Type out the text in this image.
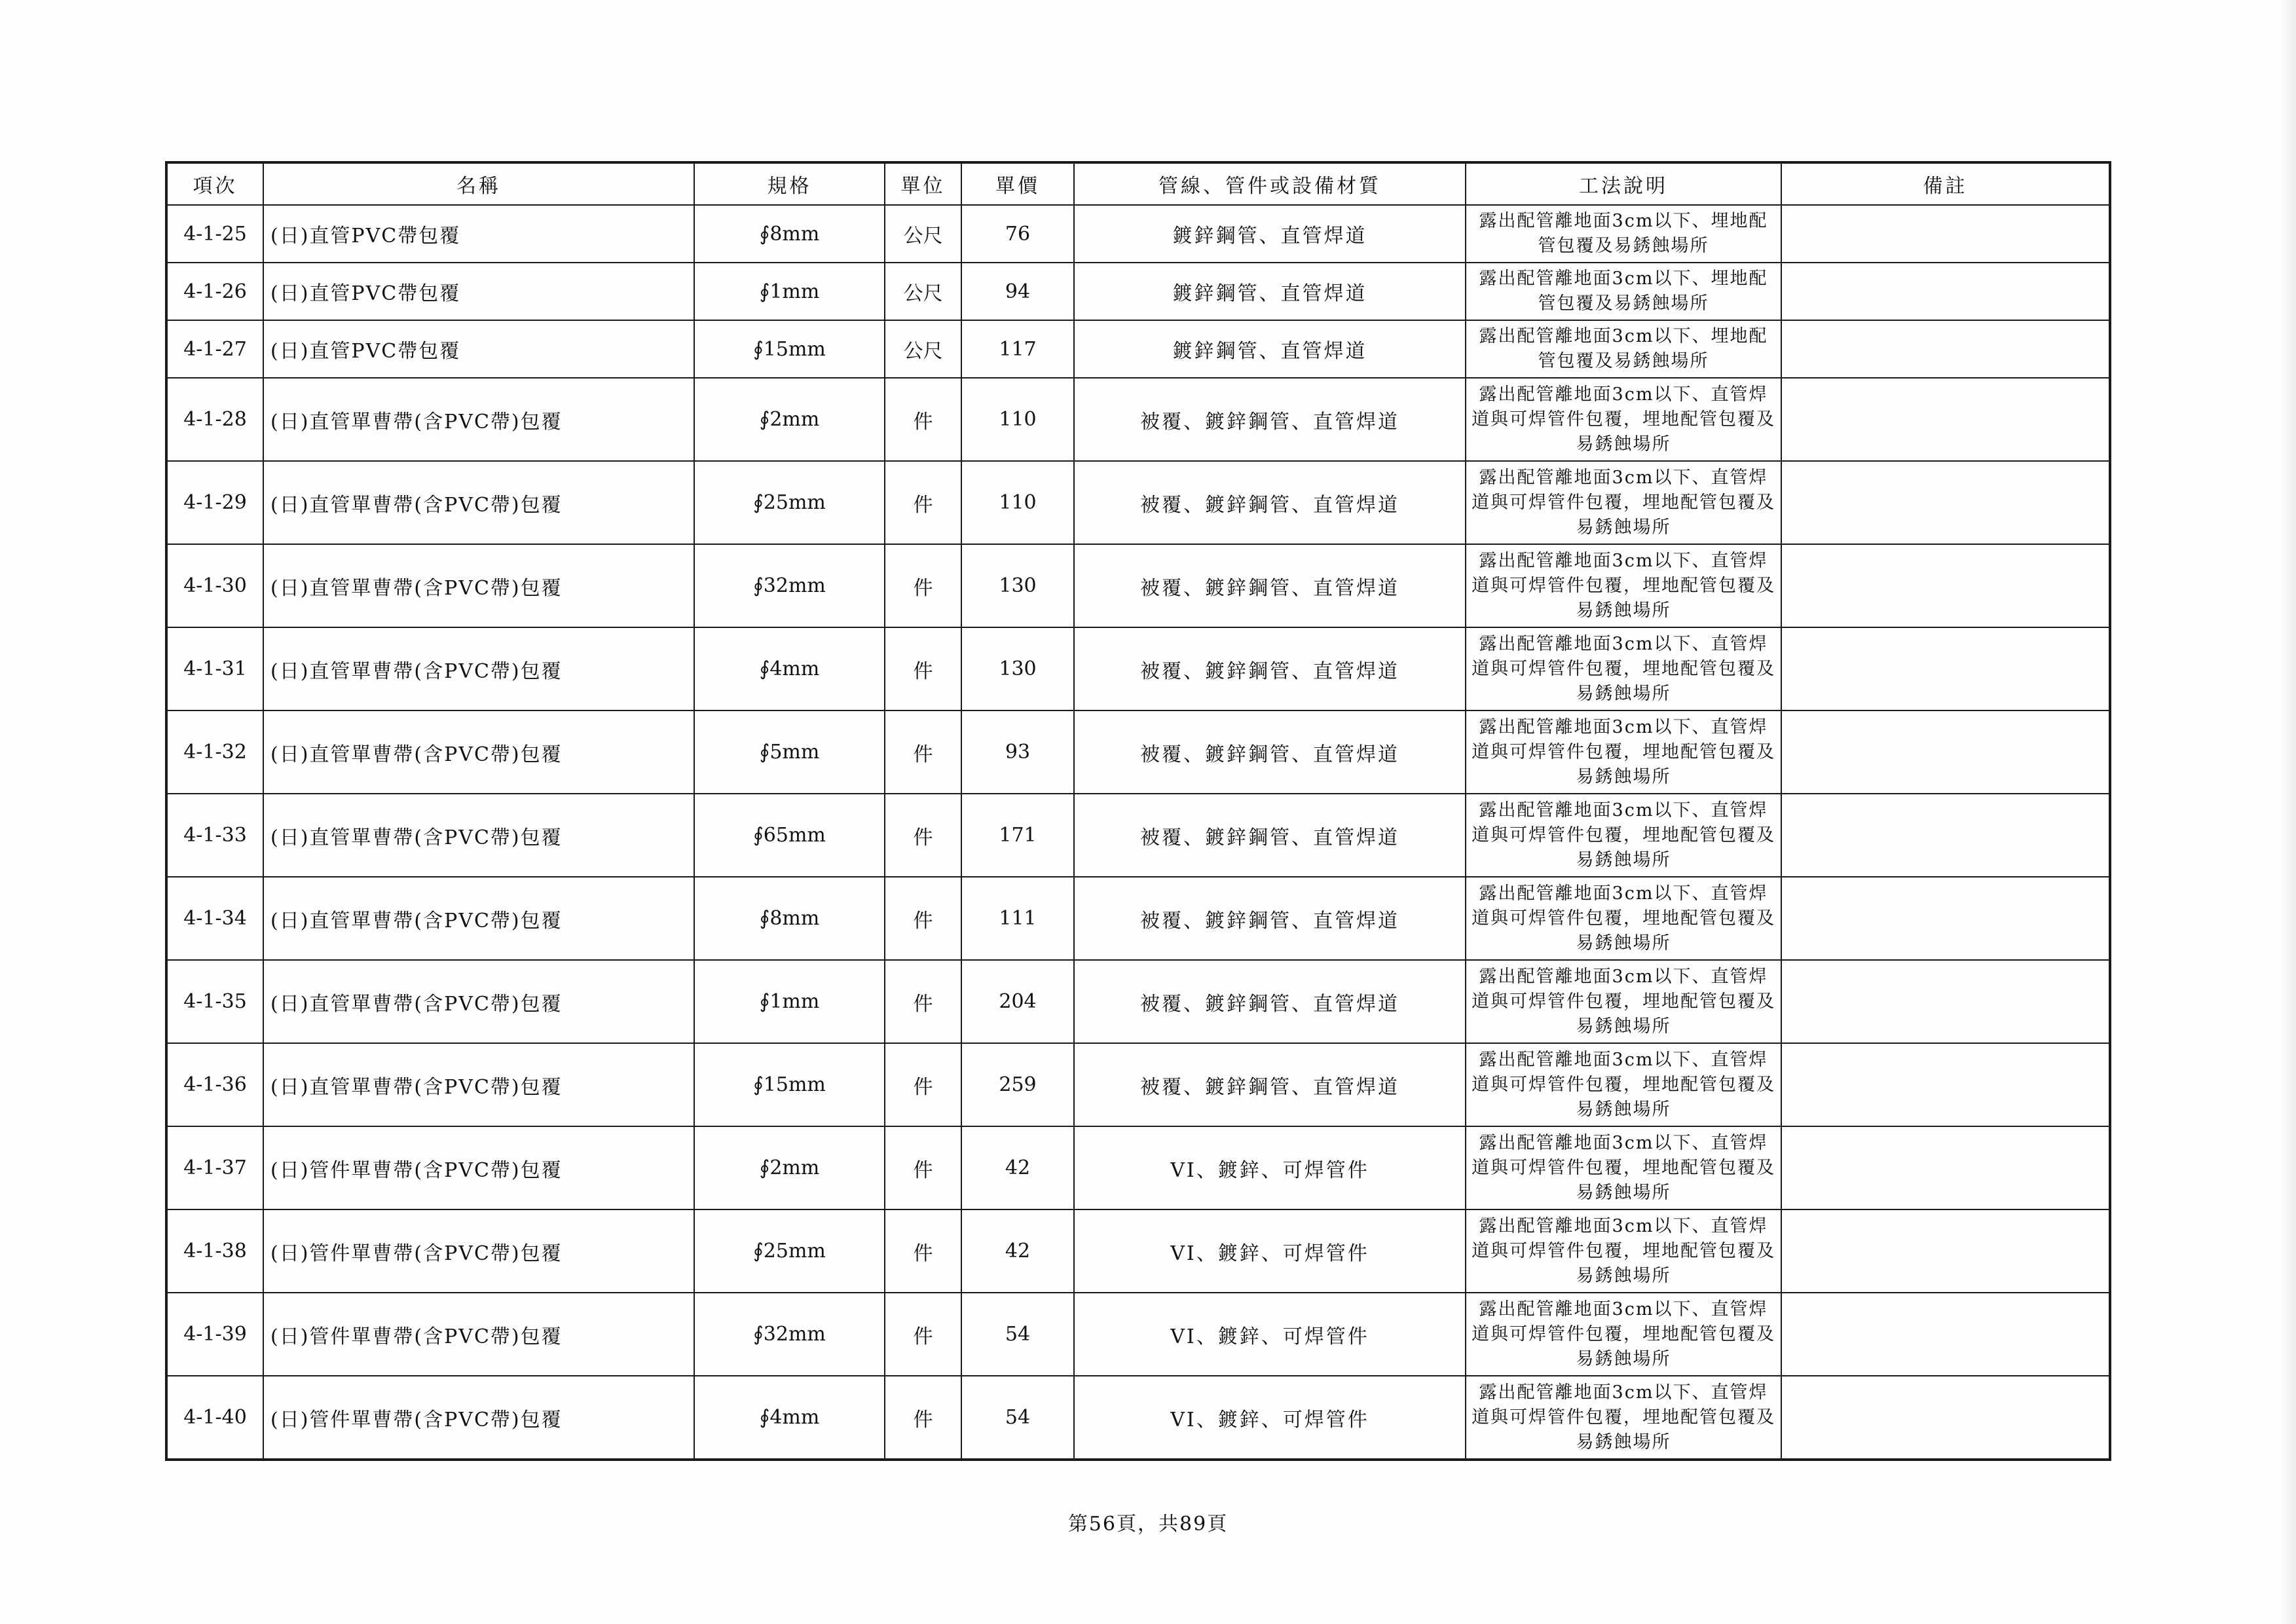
項次	名稱	規格	單位	單價	管線、管件或設備材質	工法說明	備註
4-1-25	(日)直管PVC帶包覆	∮8mm	公尺	76	鍍鋅鋼管、直管焊道	露出配管離地面3cm以下、埋地配管包覆及易銹蝕場所	
4-1-26	(日)直管PVC帶包覆	∮1mm	公尺	94	鍍鋅鋼管、直管焊道	露出配管離地面3cm以下、埋地配管包覆及易銹蝕場所	
4-1-27	(日)直管PVC帶包覆	∮15mm	公尺	117	鍍鋅鋼管、直管焊道	露出配管離地面3cm以下、埋地配管包覆及易銹蝕場所	
4-1-28	(日)直管單曹帶(含PVC帶)包覆	∮2mm	件	110	被覆、鍍鋅鋼管、直管焊道	露出配管離地面3cm以下、直管焊道與可焊管件包覆，埋地配管包覆及易銹蝕場所	
4-1-29	(日)直管單曹帶(含PVC帶)包覆	∮25mm	件	110	被覆、鍍鋅鋼管、直管焊道	露出配管離地面3cm以下、直管焊道與可焊管件包覆，埋地配管包覆及易銹蝕場所	
4-1-30	(日)直管單曹帶(含PVC帶)包覆	∮32mm	件	130	被覆、鍍鋅鋼管、直管焊道	露出配管離地面3cm以下、直管焊道與可焊管件包覆，埋地配管包覆及易銹蝕場所	
4-1-31	(日)直管單曹帶(含PVC帶)包覆	∮4mm	件	130	被覆、鍍鋅鋼管、直管焊道	露出配管離地面3cm以下、直管焊道與可焊管件包覆，埋地配管包覆及易銹蝕場所	
4-1-32	(日)直管單曹帶(含PVC帶)包覆	∮5mm	件	93	被覆、鍍鋅鋼管、直管焊道	露出配管離地面3cm以下、直管焊道與可焊管件包覆，埋地配管包覆及易銹蝕場所	
4-1-33	(日)直管單曹帶(含PVC帶)包覆	∮65mm	件	171	被覆、鍍鋅鋼管、直管焊道	露出配管離地面3cm以下、直管焊道與可焊管件包覆，埋地配管包覆及易銹蝕場所	
4-1-34	(日)直管單曹帶(含PVC帶)包覆	∮8mm	件	111	被覆、鍍鋅鋼管、直管焊道	露出配管離地面3cm以下、直管焊道與可焊管件包覆，埋地配管包覆及易銹蝕場所	
4-1-35	(日)直管單曹帶(含PVC帶)包覆	∮1mm	件	204	被覆、鍍鋅鋼管、直管焊道	露出配管離地面3cm以下、直管焊道與可焊管件包覆，埋地配管包覆及易銹蝕場所	
4-1-36	(日)直管單曹帶(含PVC帶)包覆	∮15mm	件	259	被覆、鍍鋅鋼管、直管焊道	露出配管離地面3cm以下、直管焊道與可焊管件包覆，埋地配管包覆及易銹蝕場所	
4-1-37	(日)管件單曹帶(含PVC帶)包覆	∮2mm	件	42	VI、鍍鋅、可焊管件	露出配管離地面3cm以下、直管焊道與可焊管件包覆，埋地配管包覆及易銹蝕場所	
4-1-38	(日)管件單曹帶(含PVC帶)包覆	∮25mm	件	42	VI、鍍鋅、可焊管件	露出配管離地面3cm以下、直管焊道與可焊管件包覆，埋地配管包覆及易銹蝕場所	
4-1-39	(日)管件單曹帶(含PVC帶)包覆	∮32mm	件	54	VI、鍍鋅、可焊管件	露出配管離地面3cm以下、直管焊道與可焊管件包覆，埋地配管包覆及易銹蝕場所	
4-1-40	(日)管件單曹帶(含PVC帶)包覆	∮4mm	件	54	VI、鍍鋅、可焊管件	露出配管離地面3cm以下、直管焊道與可焊管件包覆，埋地配管包覆及易銹蝕場所	
第56頁，共89頁
